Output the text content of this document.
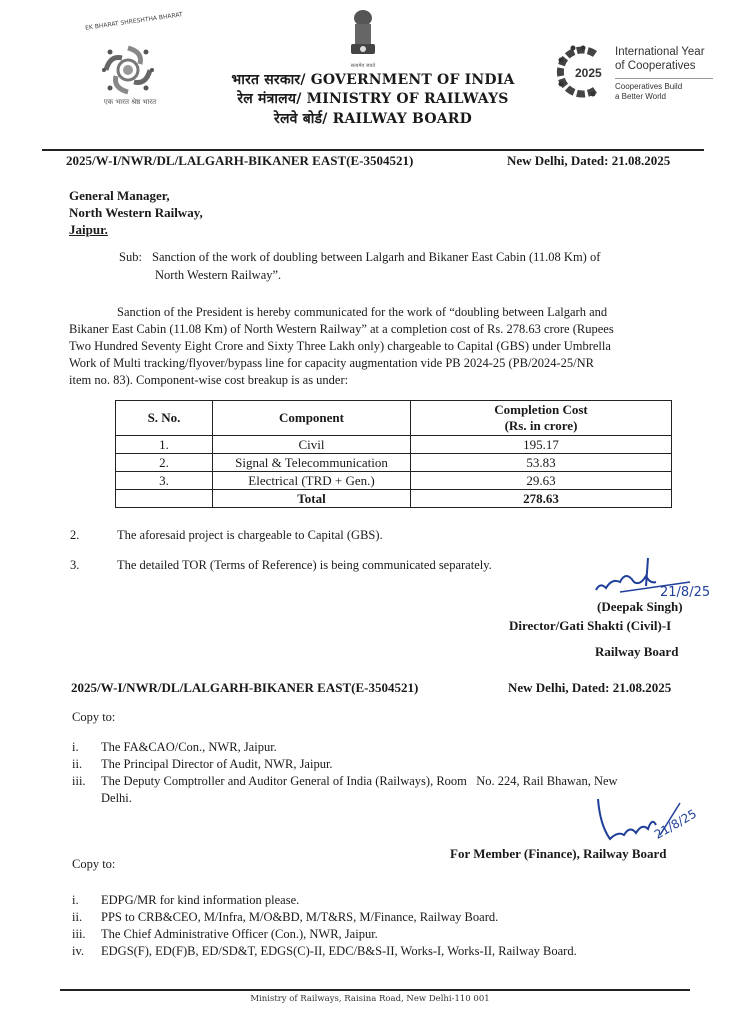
EK BHARAT SHRESHTHA BHARAT
एक भारत श्रेष्ठ भारत
सत्यमेव जयते
भारत सरकार/ GOVERNMENT OF INDIA
रेल मंत्रालय/ MINISTRY OF RAILWAYS
रेलवे बोर्ड/ RAILWAY BOARD
2025
International Year
of Cooperatives
Cooperatives Build
a Better World
2025/W-I/NWR/DL/LALGARH-BIKANER EAST(E-3504521)	New Delhi, Dated: 21.08.2025
General Manager,
North Western Railway,
Jaipur.
Sub: Sanction of the work of doubling between Lalgarh and Bikaner East Cabin (11.08 Km) of
North Western Railway”.
Sanction of the President is hereby communicated for the work of “doubling between Lalgarh and
Bikaner East Cabin (11.08 Km) of North Western Railway” at a completion cost of Rs. 278.63 crore (Rupees
Two Hundred Seventy Eight Crore and Sixty Three Lakh only) chargeable to Capital (GBS) under Umbrella
Work of Multi tracking/flyover/bypass line for capacity augmentation vide PB 2024-25 (PB/2024-25/NR
item no. 83). Component-wise cost breakup is as under:
S. No.	Component	Completion Cost
(Rs. in crore)
1.	Civil	195.17
2.	Signal & Telecommunication	53.83
3.	Electrical (TRD + Gen.)	29.63
	Total	278.63
2.	The aforesaid project is chargeable to Capital (GBS).
3.	The detailed TOR (Terms of Reference) is being communicated separately.
21/8/25
(Deepak Singh)
Director/Gati Shakti (Civil)-I
Railway Board
2025/W-I/NWR/DL/LALGARH-BIKANER EAST(E-3504521)	New Delhi, Dated: 21.08.2025
Copy to:
i. The FA&CAO/Con., NWR, Jaipur.
ii. The Principal Director of Audit, NWR, Jaipur.
iii. The Deputy Comptroller and Auditor General of India (Railways), Room   No. 224, Rail Bhawan, New
Delhi.
21/8/25
For Member (Finance), Railway Board
Copy to:
i. EDPG/MR for kind information please.
ii. PPS to CRB&CEO, M/Infra, M/O&BD, M/T&RS, M/Finance, Railway Board.
iii. The Chief Administrative Officer (Con.), NWR, Jaipur.
iv. EDGS(F), ED(F)B, ED/SD&T, EDGS(C)-II, EDC/B&S-II, Works-I, Works-II, Railway Board.
Ministry of Railways, Raisina Road, New Delhi-110 001
